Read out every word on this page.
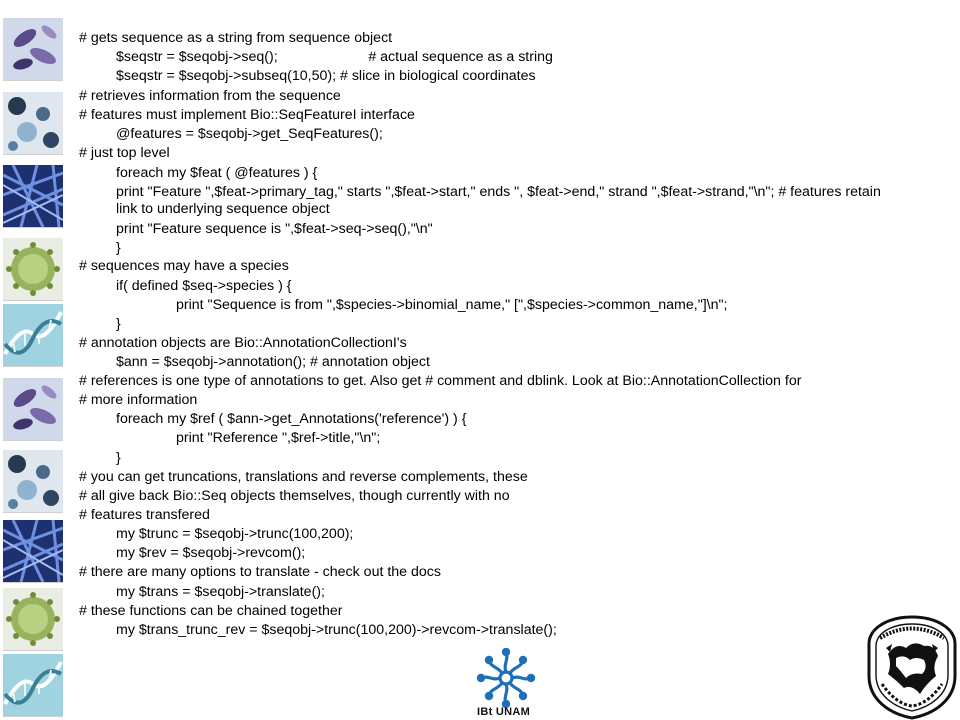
# gets sequence as a string from sequence object
$seqstr = $seqobj->seq();                       # actual sequence as a string
$seqstr = $seqobj->subseq(10,50); # slice in biological coordinates
# retrieves information from the sequence
# features must implement Bio::SeqFeatureI interface
@features = $seqobj->get_SeqFeatures();
# just top level
foreach my $feat ( @features ) {
print "Feature ",$feat->primary_tag," starts ",$feat->start," ends ", $feat->end," strand ",$feat->strand,"\n"; # features retain link to underlying sequence object
print "Feature sequence is ",$feat->seq->seq(),"\n"
}
# sequences may have a species
if( defined $seq->species ) {
print "Sequence is from ",$species->binomial_name," [",$species->common_name,"]\n";
}
# annotation objects are Bio::AnnotationCollectionI's
$ann = $seqobj->annotation(); # annotation object
# references is one type of annotations to get. Also get # comment and dblink. Look at Bio::AnnotationCollection for
# more information
foreach my $ref ( $ann->get_Annotations('reference') ) {
print "Reference ",$ref->title,"\n";
}
# you can get truncations, translations and reverse complements, these
# all give back Bio::Seq objects themselves, though currently with no
# features transfered
my $trunc = $seqobj->trunc(100,200);
my $rev = $seqobj->revcom();
# there are many options to translate - check out the docs
my $trans = $seqobj->translate();
# these functions can be chained together
my $trans_trunc_rev = $seqobj->trunc(100,200)->revcom->translate();
IBt UNAM
